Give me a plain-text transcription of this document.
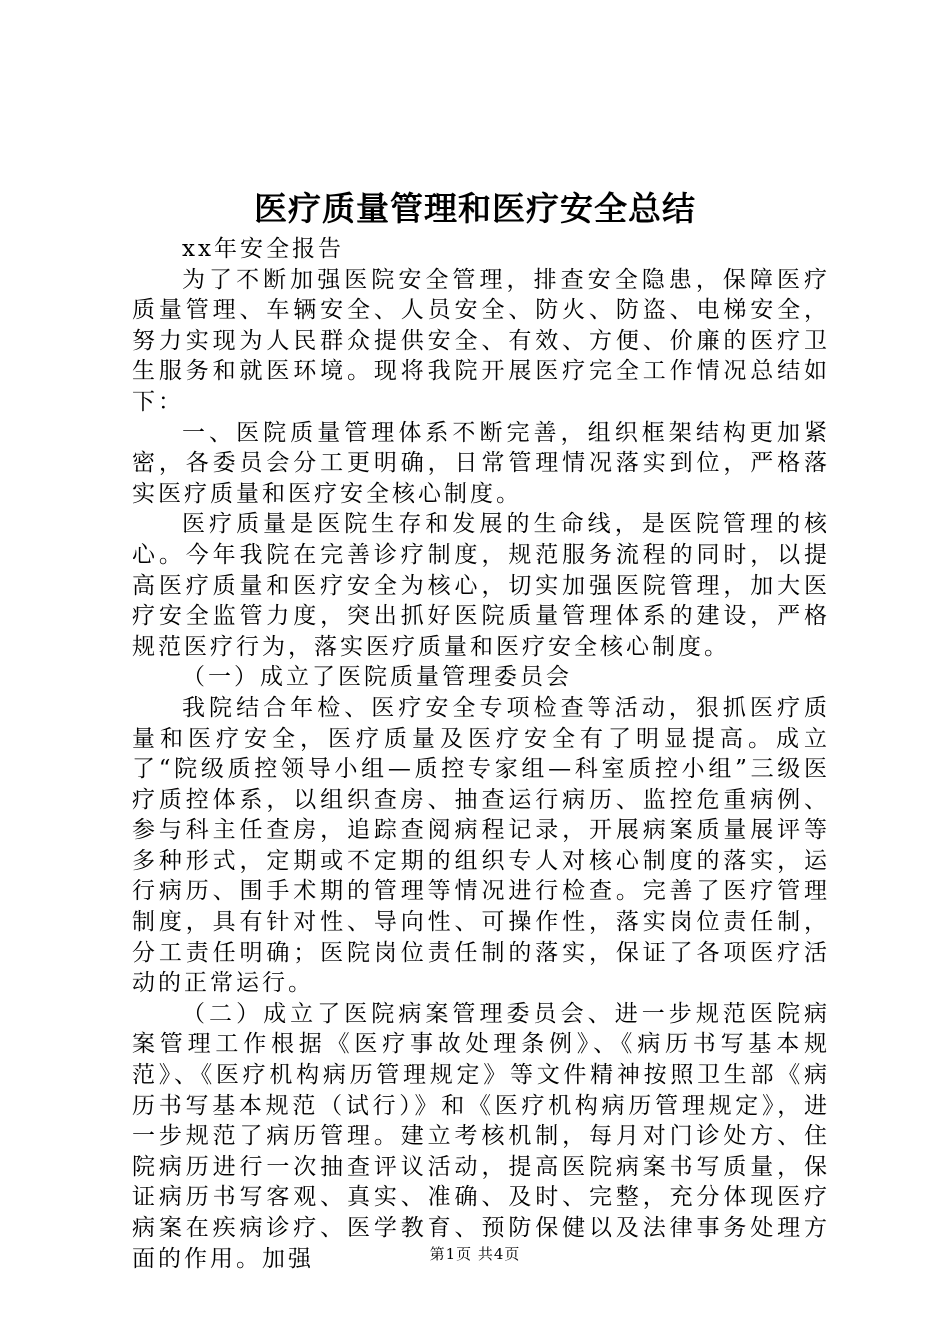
医疗质量管理和医疗安全总结

xx年安全报告

为了不断加强医院安全管理，排查安全隐患，保障医疗质量管理、车辆安全、人员安全、防火、防盗、电梯安全，努力实现为人民群众提供安全、有效、方便、价廉的医疗卫生服务和就医环境。现将我院开展医疗完全工作情况总结如下：

一、医院质量管理体系不断完善，组织框架结构更加紧密，各委员会分工更明确，日常管理情况落实到位，严格落实医疗质量和医疗安全核心制度。

医疗质量是医院生存和发展的生命线，是医院管理的核心。今年我院在完善诊疗制度，规范服务流程的同时，以提高医疗质量和医疗安全为核心，切实加强医院管理，加大医疗安全监管力度，突出抓好医院质量管理体系的建设，严格规范医疗行为，落实医疗质量和医疗安全核心制度。

（一）成立了医院质量管理委员会

我院结合年检、医疗安全专项检查等活动，狠抓医疗质量和医疗安全，医疗质量及医疗安全有了明显提高。成立了“院级质控领导小组—质控专家组—科室质控小组”三级医疗质控体系，以组织查房、抽查运行病历、监控危重病例、参与科主任查房，追踪查阅病程记录，开展病案质量展评等多种形式，定期或不定期的组织专人对核心制度的落实，运行病历、围手术期的管理等情况进行检查。完善了医疗管理制度，具有针对性、导向性、可操作性，落实岗位责任制，分工责任明确；医院岗位责任制的落实，保证了各项医疗活动的正常运行。

（二）成立了医院病案管理委员会、进一步规范医院病案管理工作根据《医疗事故处理条例》、《病历书写基本规范》、《医疗机构病历管理规定》等文件精神按照卫生部《病历书写基本规范（试行）》和《医疗机构病历管理规定》，进一步规范了病历管理。建立考核机制，每月对门诊处方、住院病历进行一次抽查评议活动，提高医院病案书写质量，保证病历书写客观、真实、准确、及时、完整，充分体现医疗病案在疾病诊疗、医学教育、预防保健以及法律事务处理方面的作用。加强	第1页 共4页
